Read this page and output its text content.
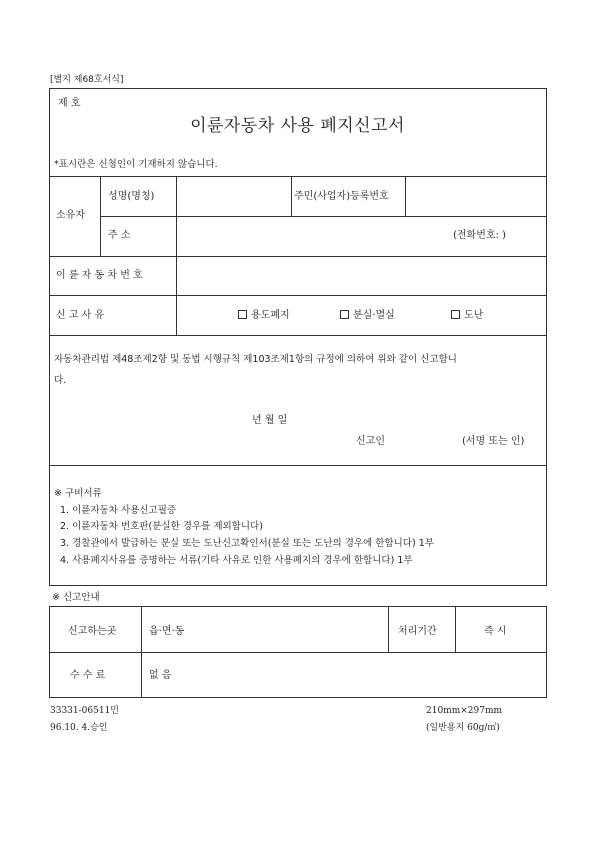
[별지 제68호서식]
제 호
이륜자동차 사용 폐지신고서
*표시란은 신청인이 기재하지 않습니다.
소유자
성명(명칭)	주민(사업자)등록번호
주 소	(전화번호: )
이 륜 자 동 차 번 호
신 고 사 유	용도폐지	분실·멸실	도난
자동차관리법 제48조제2항 및 동법 시행규칙 제103조제1항의 규정에 의하여 위와 같이 신고합니
다.
년 월 일
신고인	(서명 또는 인)
※ 구비서류
1. 이륜자동차 사용신고필증
2. 이륜자동차 번호판(분실한 경우를 제외합니다)
3. 경찰관에서 발급하는 분실 또는 도난신고확인서(분실 또는 도난의 경우에 한합니다) 1부
4. 사용폐지사유를 증명하는 서류(기타 사유로 인한 사용폐지의 경우에 한합니다) 1부
※ 신고안내
신고하는곳	읍·면·동	처리기간	즉 시
수 수 료	없 음
33331-06511민
96.10. 4.승인
210mm×297mm
(일반용지 60g/㎡)
